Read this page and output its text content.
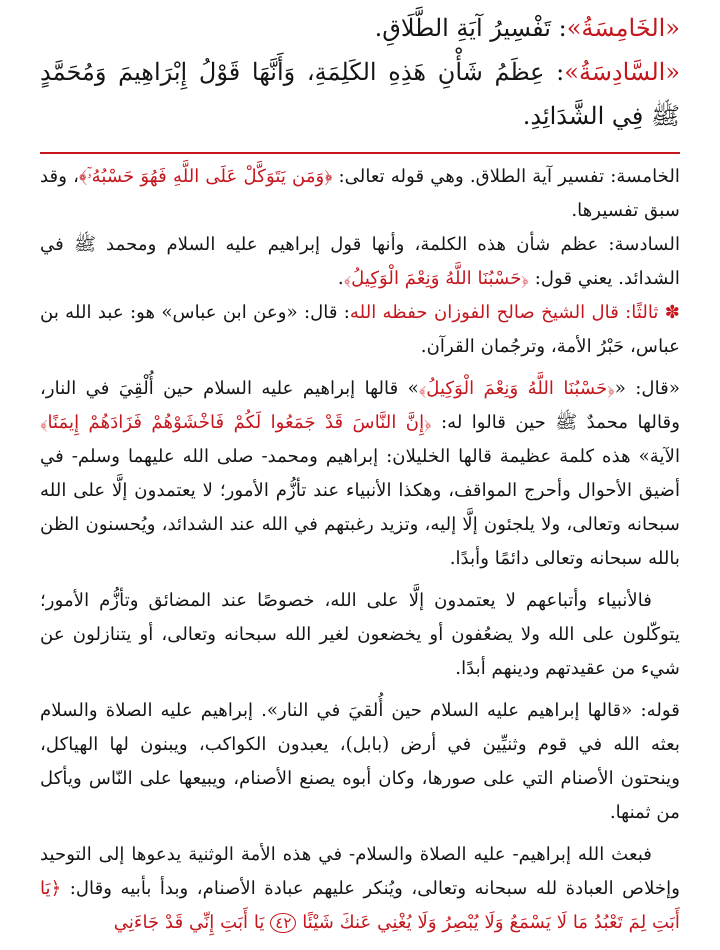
«الخَامِسَةُ»: تَفْسِيرُ آيَةِ الطَّلَاقِ.

«السَّادِسَةُ»: عِظَمُ شَأْنِ هَذِهِ الكَلِمَةِ، وَأَنَّهَا قَوْلُ إِبْرَاهِيمَ وَمُحَمَّدٍ ﷺ فِي الشَّدَائِدِ.

الخامسة: تفسير آية الطلاق. وهي قوله تعالى: ﴿وَمَن يَتَوَكَّلْ عَلَى اللَّهِ فَهُوَ حَسْبُهُۥٓ﴾، وقد سبق تفسيرها.

السادسة: عظم شأن هذه الكلمة، وأنها قول إبراهيم عليه السلام ومحمد ﷺ في الشدائد. يعني قول: ﴿حَسْبُنَا اللَّهُ وَنِعْمَ الْوَكِيلُ﴾.

✽ ثالثًا: قال الشيخ صالح الفوزان حفظه الله: قال: «وعن ابن عباس» هو: عبد الله بن عباس، حَبْرُ الأمة، وترجُمان القرآن.

«قال: «﴿حَسْبُنَا اللَّهُ وَنِعْمَ الْوَكِيلُ﴾» قالها إبراهيم عليه السلام حين أُلْقِيَ في النار، وقالها محمدٌ ﷺ حين قالوا له: ﴿إِنَّ النَّاسَ قَدْ جَمَعُوا لَكُمْ فَاخْشَوْهُمْ فَزَادَهُمْ إِيمَنًا﴾ الآية» هذه كلمة عظيمة قالها الخليلان: إبراهيم ومحمد- صلى الله عليهما وسلم- في أضيق الأحوال وأحرج المواقف، وهكذا الأنبياء عند تأزُّم الأمور؛ لا يعتمدون إلَّا على الله سبحانه وتعالى، ولا يلجئون إلَّا إليه، وتزيد رغبتهم في الله عند الشدائد، ويُحسنون الظن بالله سبحانه وتعالى دائمًا وأبدًا.

فالأنبياء وأتباعهم لا يعتمدون إلَّا على الله، خصوصًا عند المضائق وتأزُّم الأمور؛ يتوكّلون على الله ولا يضعُفون أو يخضعون لغير الله سبحانه وتعالى، أو يتنازلون عن شيء من عقيدتهم ودينهم أبدًا.

قوله: «قالها إبراهيم عليه السلام حين أُلقيَ في النار». إبراهيم عليه الصلاة والسلام بعثه الله في قوم وثنيِّين في أرض (بابل)، يعبدون الكواكب، ويبنون لها الهياكل، وينحتون الأصنام التي على صورها، وكان أبوه يصنع الأصنام، ويبيعها على النّاس ويأكل من ثمنها.

فبعث الله إبراهيم- عليه الصلاة والسلام- في هذه الأمة الوثنية يدعوها إلى التوحيد وإخلاص العبادة لله سبحانه وتعالى، ويُنكر عليهم عبادة الأصنام، وبدأ بأبيه وقال: ﴿يَا أَبَتِ لِمَ تَعْبُدُ مَا لَا يَسْمَعُ وَلَا يُبْصِرُ وَلَا يُغْنِي عَنكَ شَيْئًا ٤٢ يَا أَبَتِ إِنِّي قَدْ جَاءَنِي
